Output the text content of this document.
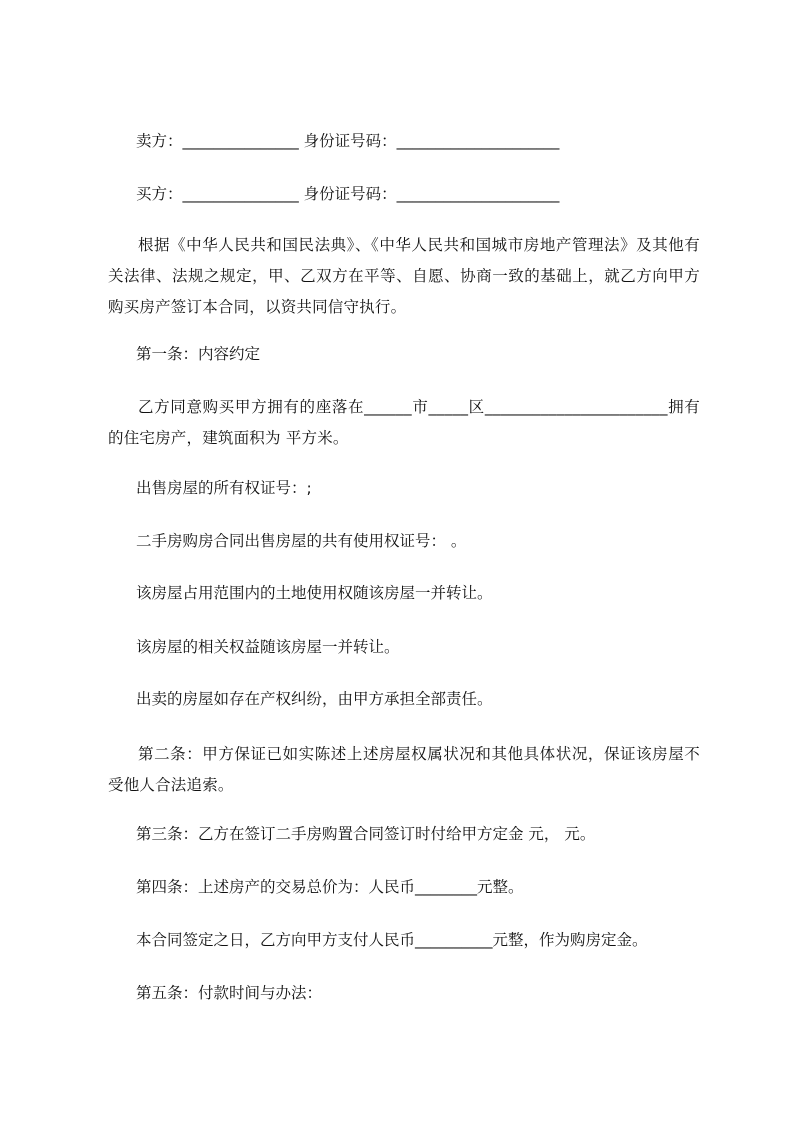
卖方：_______________ 身份证号码：_____________________
买方：_______________ 身份证号码：_____________________
根据《中华人民共和国民法典》、《中华人民共和国城市房地产管理法》及其他有关法律、法规之规定，甲、乙双方在平等、自愿、协商一致的基础上，就乙方向甲方购买房产签订本合同，以资共同信守执行。
第一条：内容约定
乙方同意购买甲方拥有的座落在______市_____区_______________________拥有的住宅房产，建筑面积为 平方米。
出售房屋的所有权证号：;
二手房购房合同出售房屋的共有使用权证号： 。
该房屋占用范围内的土地使用权随该房屋一并转让。
该房屋的相关权益随该房屋一并转让。
出卖的房屋如存在产权纠纷，由甲方承担全部责任。
第二条：甲方保证已如实陈述上述房屋权属状况和其他具体状况，保证该房屋不受他人合法追索。
第三条：乙方在签订二手房购置合同签订时付给甲方定金 元， 元。
第四条：上述房产的交易总价为：人民币________元整。
本合同签定之日，乙方向甲方支付人民币__________元整，作为购房定金。
第五条：付款时间与办法：
